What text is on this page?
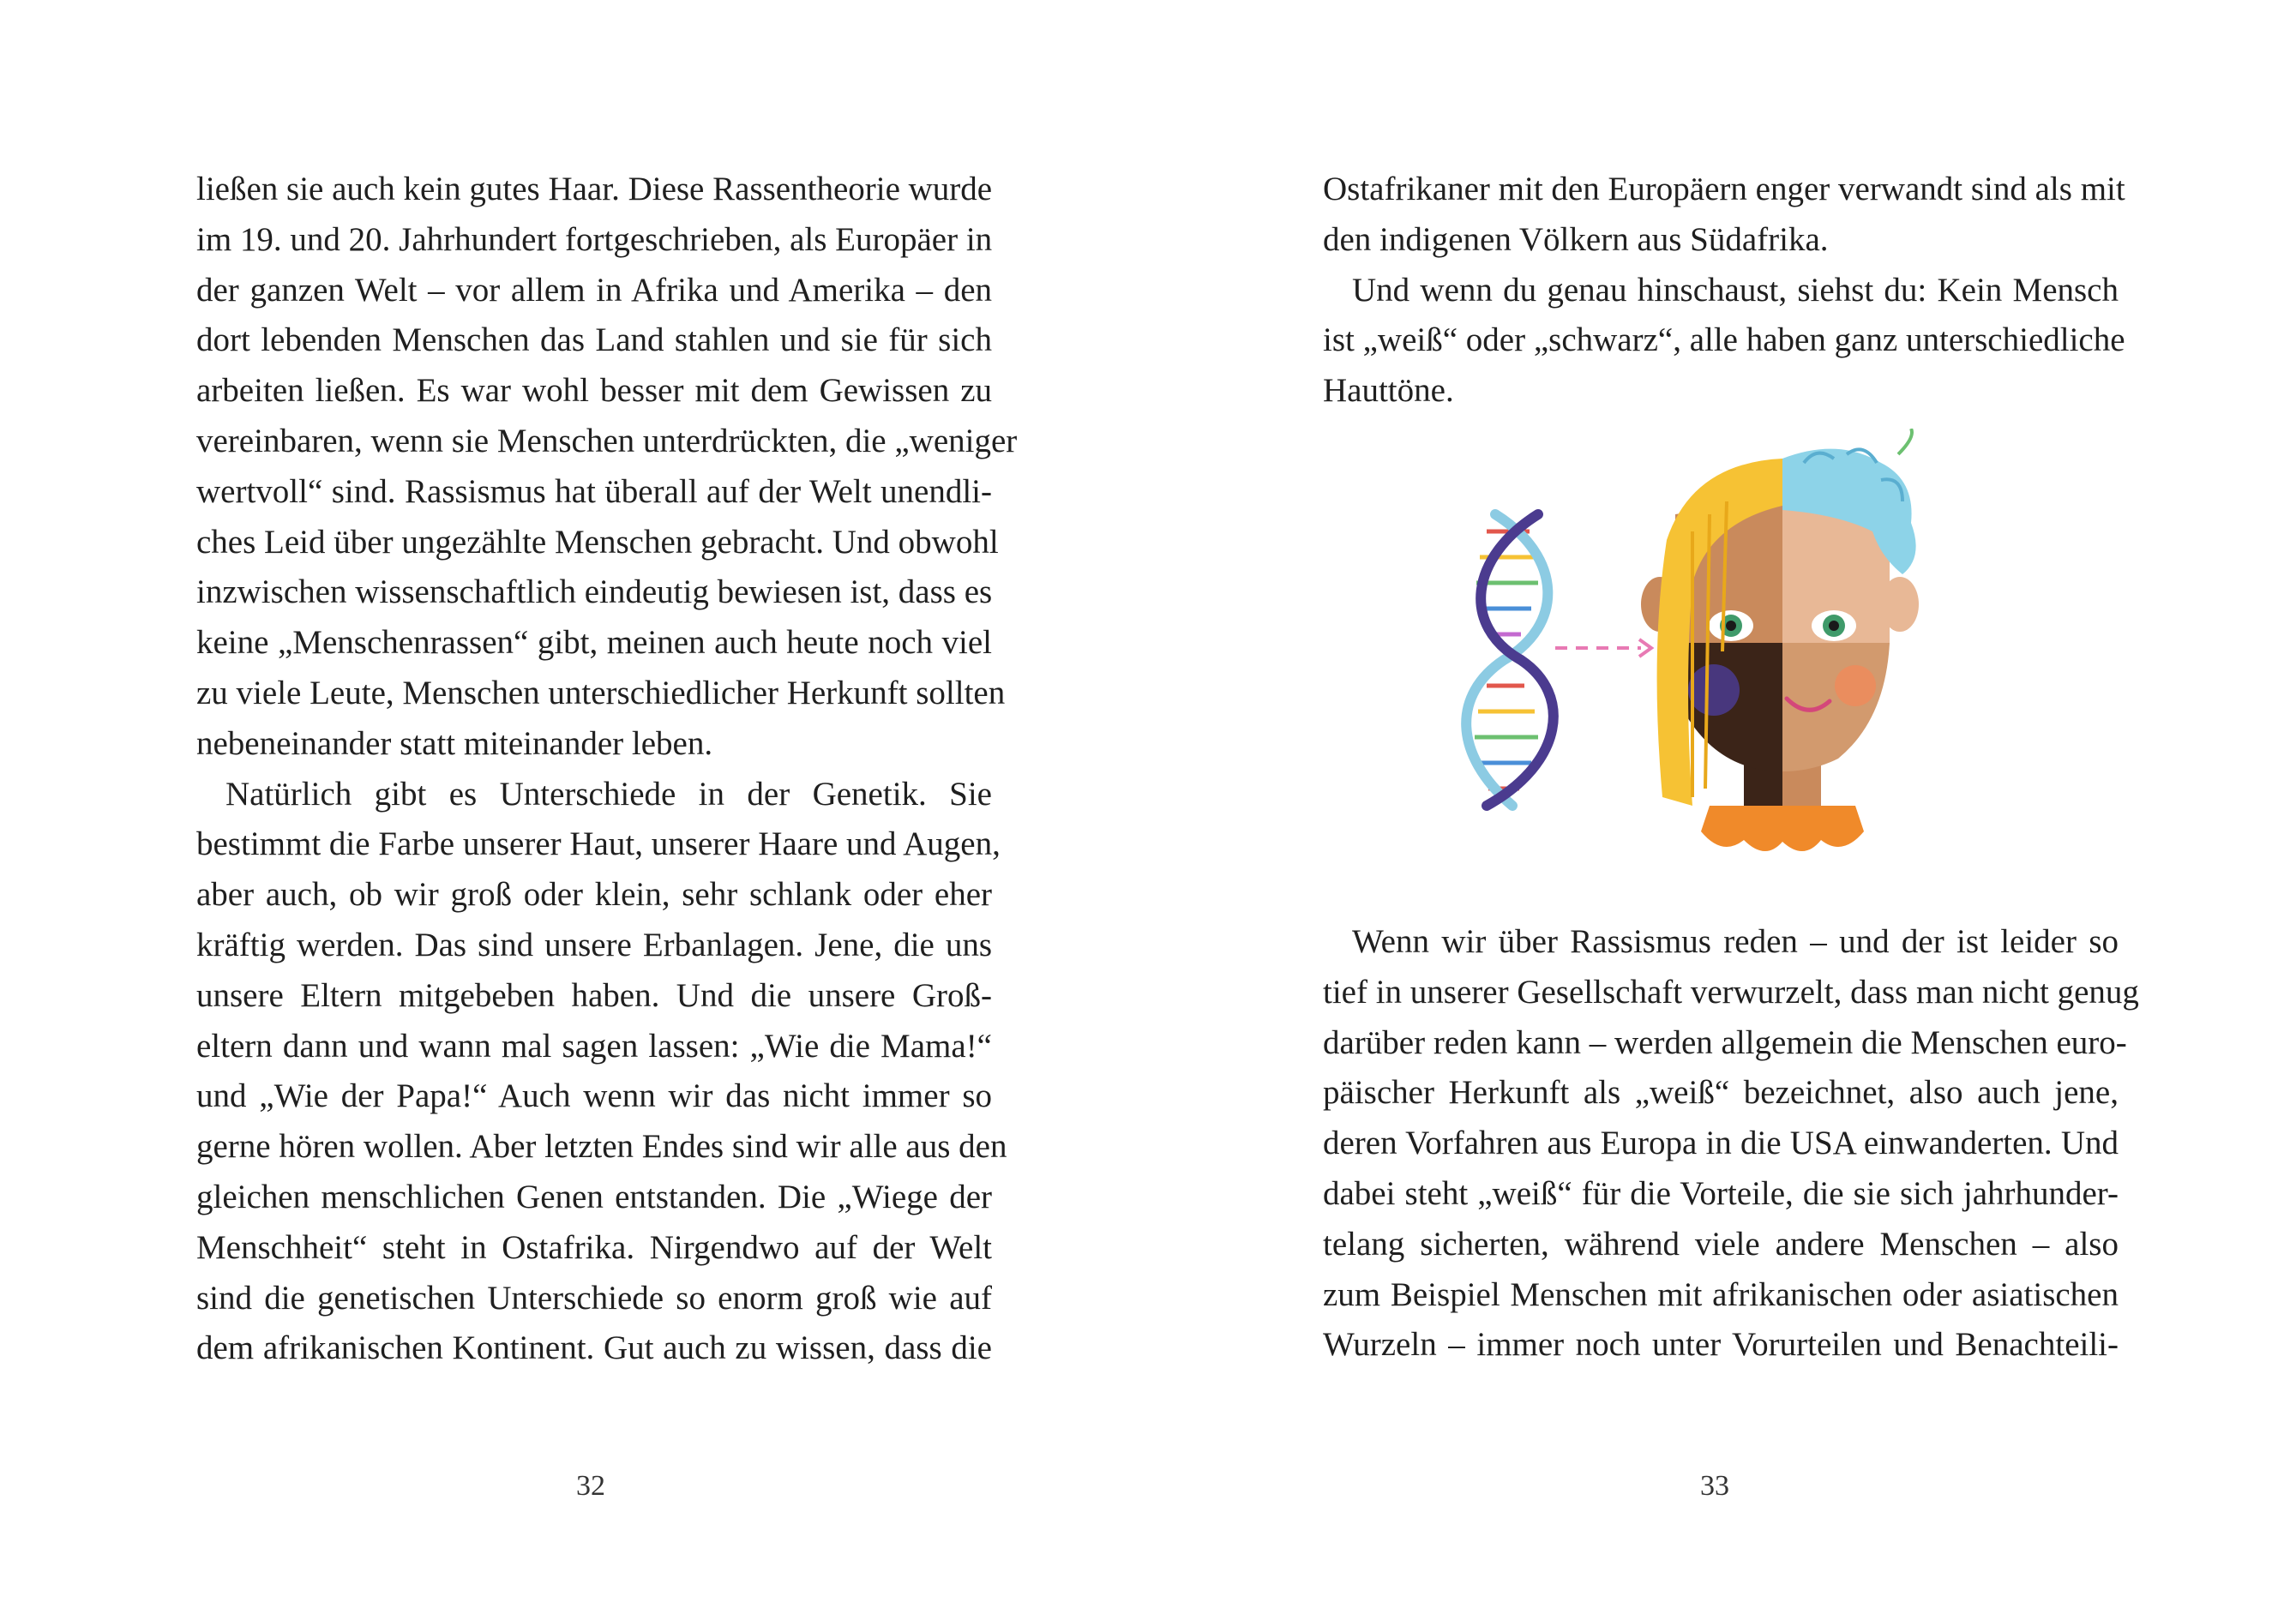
ließen sie auch kein gutes Haar. Diese Rassentheorie wurde
im 19. und 20. Jahrhundert fortgeschrieben, als Europäer in
der ganzen Welt – vor allem in Afrika und Amerika – den
dort lebenden Menschen das Land stahlen und sie für sich
arbeiten ließen. Es war wohl besser mit dem Gewissen zu
vereinbaren, wenn sie Menschen unterdrückten, die „weniger
wertvoll“ sind. Rassismus hat überall auf der Welt unendli-
ches Leid über ungezählte Menschen gebracht. Und obwohl
inzwischen wissenschaftlich eindeutig bewiesen ist, dass es
keine „Menschenrassen“ gibt, meinen auch heute noch viel
zu viele Leute, Menschen unterschiedlicher Herkunft sollten
nebeneinander statt miteinander leben.

Natürlich gibt es Unterschiede in der Genetik. Sie
bestimmt die Farbe unserer Haut, unserer Haare und Augen,
aber auch, ob wir groß oder klein, sehr schlank oder eher
kräftig werden. Das sind unsere Erbanlagen. Jene, die uns
unsere Eltern mitgebeben haben. Und die unsere Groß-
eltern dann und wann mal sagen lassen: „Wie die Mama!“
und „Wie der Papa!“ Auch wenn wir das nicht immer so
gerne hören wollen. Aber letzten Endes sind wir alle aus den
gleichen menschlichen Genen entstanden. Die „Wiege der
Menschheit“ steht in Ostafrika. Nirgendwo auf der Welt
sind die genetischen Unterschiede so enorm groß wie auf
dem afrikanischen Kontinent. Gut auch zu wissen, dass die

32

Ostafrikaner mit den Europäern enger verwandt sind als mit
den indigenen Völkern aus Südafrika.

Und wenn du genau hinschaust, siehst du: Kein Mensch
ist „weiß“ oder „schwarz“, alle haben ganz unterschiedliche
Hauttöne.

Wenn wir über Rassismus reden – und der ist leider so
tief in unserer Gesellschaft verwurzelt, dass man nicht genug
darüber reden kann – werden allgemein die Menschen euro-
päischer Herkunft als „weiß“ bezeichnet, also auch jene,
deren Vorfahren aus Europa in die USA einwanderten. Und
dabei steht „weiß“ für die Vorteile, die sie sich jahrhunder-
telang sicherten, während viele andere Menschen – also
zum Beispiel Menschen mit afrikanischen oder asiatischen
Wurzeln – immer noch unter Vorurteilen und Benachteili-

33
